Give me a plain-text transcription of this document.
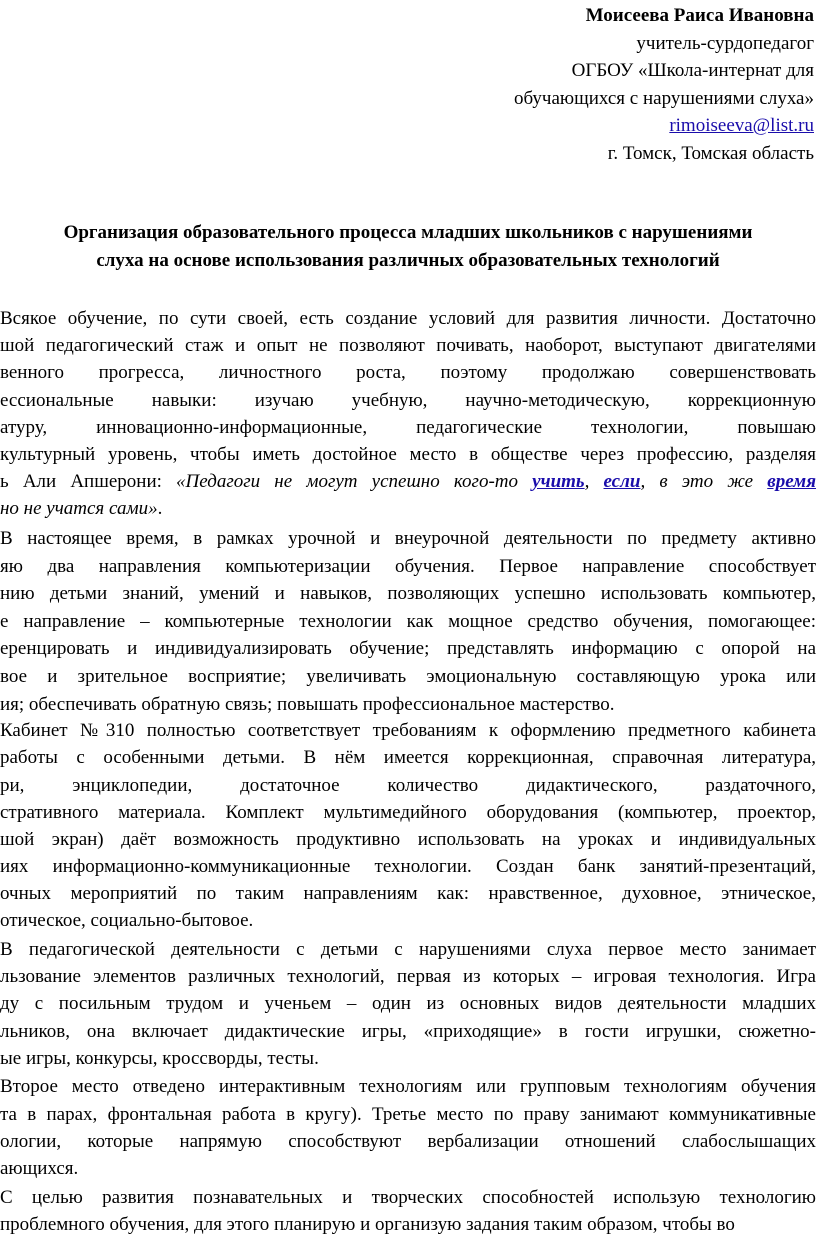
Моисеева Раиса Ивановна
учитель-сурдопедагог
ОГБОУ «Школа-интернат для
обучающихся с нарушениями слуха»
rimoiseeva@list.ru
г. Томск, Томская область
Организация образовательного процесса младших школьников с нарушениями
слуха на основе использования различных образовательных технологий
Всякое обучение, по сути своей, есть создание условий для развития личности. Достаточно
шой педагогический стаж и опыт не позволяют почивать, наоборот, выступают двигателями
венного прогресса, личностного роста, поэтому продолжаю совершенствовать
ессиональные навыки: изучаю учебную, научно-методическую, коррекционную
атуру, инновационно-информационные, педагогические технологии, повышаю
культурный уровень, чтобы иметь достойное место в обществе через профессию, разделяя
В настоящее время, в рамках урочной и внеурочной деятельности по предмету активно
яю два направления компьютеризации обучения. Первое направление способствует
нию детьми знаний, умений и навыков, позволяющих успешно использовать компьютер,
е направление – компьютерные технологии как мощное средство обучения, помогающее:
еренцировать и индивидуализировать обучение; представлять информацию с опорой на
вое и зрительное восприятие; увеличивать эмоциональную составляющую урока или
ия; обеспечивать обратную связь; повышать профессиональное мастерство.
Кабинет №310 полностью соответствует требованиям к оформлению предметного кабинета
работы с особенными детьми. В нём имеется коррекционная, справочная литература,
ри, энциклопедии, достаточное количество дидактического, раздаточного,
стративного материала. Комплект мультимедийного оборудования (компьютер, проектор,
шой экран) даёт возможность продуктивно использовать на уроках и индивидуальных
иях информационно-коммуникационные технологии. Создан банк занятий-презентаций,
очных мероприятий по таким направлениям как: нравственное, духовное, этническое,
отическое, социально-бытовое.
В педагогической деятельности с детьми с нарушениями слуха первое место занимает
льзование элементов различных технологий, первая из которых – игровая технология. Игра
ду с посильным трудом и ученьем – один из основных видов деятельности младших
льников, она включает дидактические игры, «приходящие» в гости игрушки, сюжетно-
ые игры, конкурсы, кроссворды, тесты.
Второе место отведено интерактивным технологиям или групповым технологиям обучения
та в парах, фронтальная работа в кругу). Третье место по праву занимают коммуникативные
ологии, которые напрямую способствуют вербализации отношений слабослышащих
ающихся.
С целью развития познавательных и творческих способностей использую технологию
проблемного обучения, для этого планирую и организую задания таким образом, чтобы во
ь Али Апшерони: «Педагоги не могут успешно кого-то учить, если, в это же время
но не учатся сами».
